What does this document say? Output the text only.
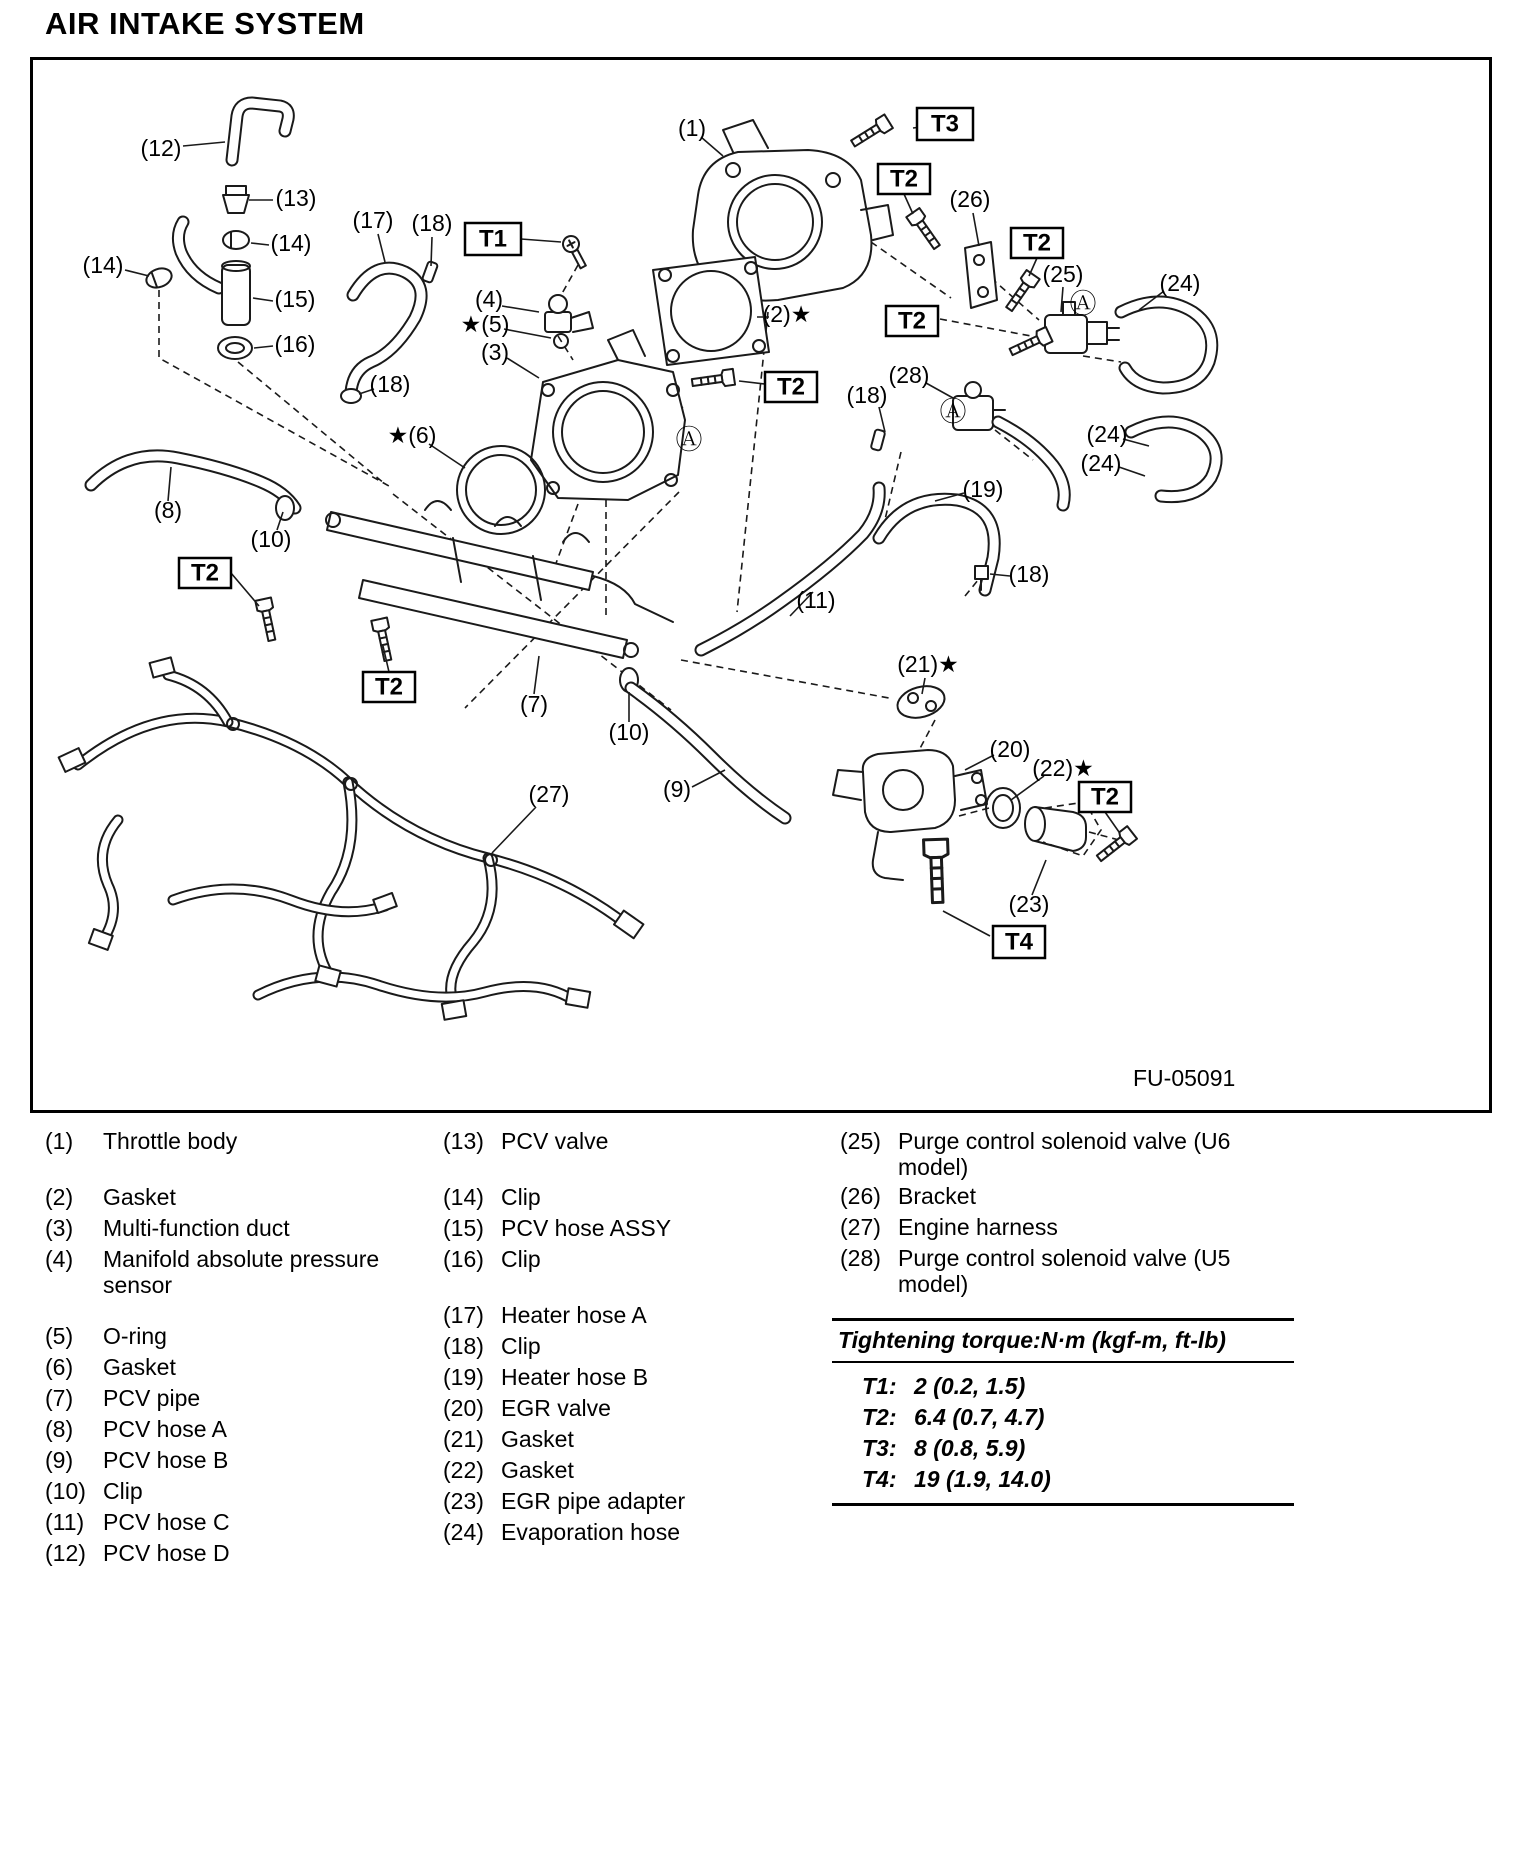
AIR INTAKE SYSTEM
(12)
(13)
(14)
(14)
(15)
(16)
(17) (18)
(4)
★(5)
(3)
(18)
★(6)
(1)
(2)★
(26)
(25)	(24)
Ⓐ
(28)
(18)
Ⓐ
(24)
(24)
(19)
Ⓐ
(8)
(10)
(18)
(11)
(7)
(10)
(21)★
(9)
(20)
(22)★
(27)
(23)
T1
T3
T2
T2
T2
T2
T2
T2
T2
T4
FU-05091
(1)	Throttle body
(2)	Gasket
(3)	Multi-function duct
(4)	Manifold absolute pressure sensor
(5)	O-ring
(6)	Gasket
(7)	PCV pipe
(8)	PCV hose A
(9)	PCV hose B
(10) Clip
(11) PCV hose C
(12) PCV hose D
(13) PCV valve
(14) Clip
(15) PCV hose ASSY
(16) Clip
(17) Heater hose A
(18) Clip
(19) Heater hose B
(20) EGR valve
(21) Gasket
(22) Gasket
(23) EGR pipe adapter
(24) Evaporation hose
(25) Purge control solenoid valve (U6 model)
(26) Bracket
(27) Engine harness
(28) Purge control solenoid valve (U5 model)
Tightening torque:N·m (kgf-m, ft-lb)
T1: 2 (0.2, 1.5)
T2: 6.4 (0.7, 4.7)
T3: 8 (0.8, 5.9)
T4: 19 (1.9, 14.0)
